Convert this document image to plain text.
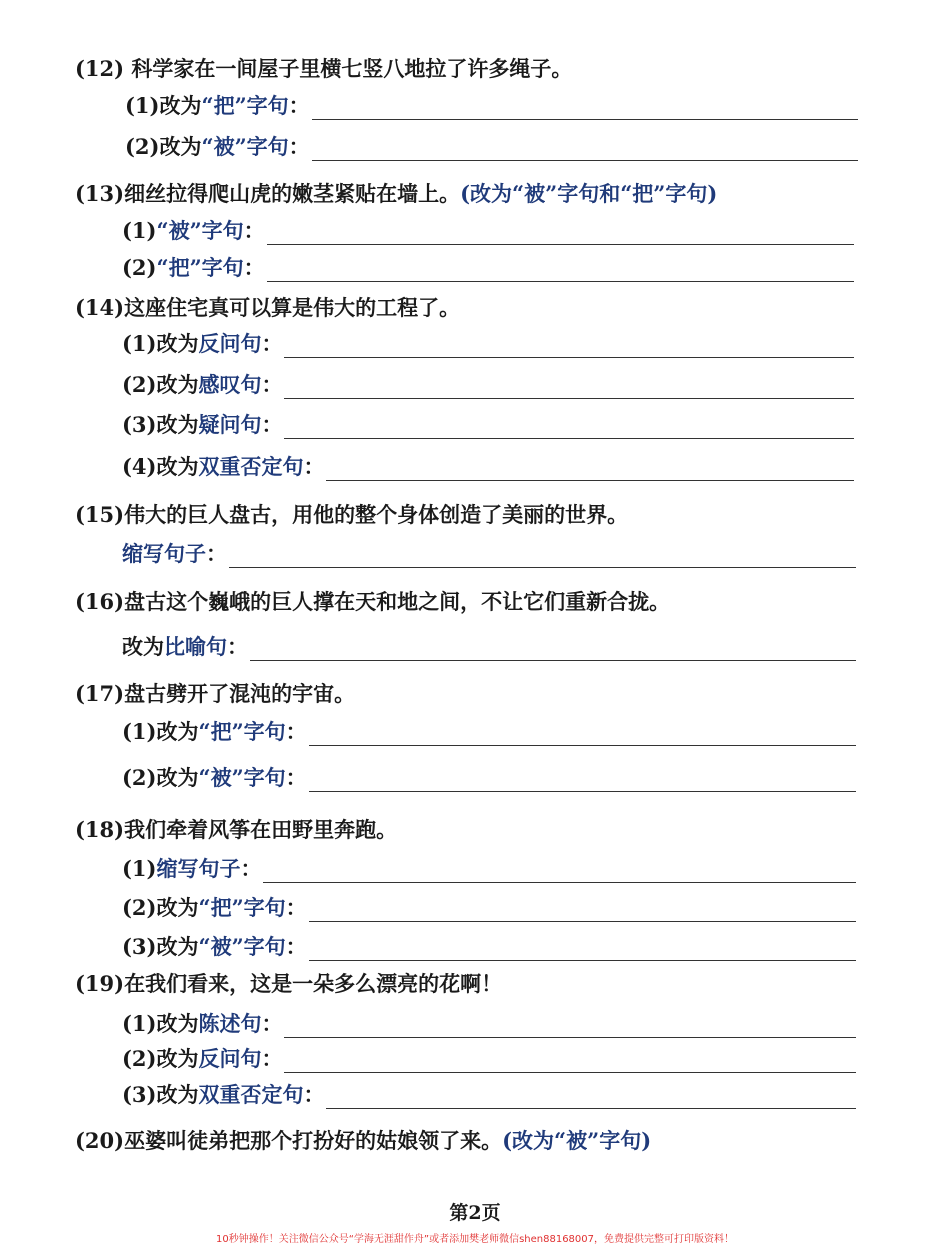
(12) 科学家在一间屋子里横七竖八地拉了许多绳子。
(1) 改为 “把”字句 ：
(2) 改为 “被”字句 ：
(13)细丝拉得爬山虎的嫩茎紧贴在墙上。(改为“被”字句和“把”字句)
(1) “被”字句 ：
(2) “把”字句 ：
(14)这座住宅真可以算是伟大的工程了。
(1) 改为 反问句 ：
(2) 改为 感叹句 ：
(3) 改为 疑问句 ：
(4) 改为 双重否定句 ：
(15)伟大的巨人盘古，用他的整个身体创造了美丽的世界。
缩写句子 ：
(16)盘古这个巍峨的巨人撑在天和地之间，不让它们重新合拢。
改为 比喻句 ：
(17)盘古劈开了混沌的宇宙。
(1) 改为 “把”字句 ：
(2) 改为 “被”字句 ：
(18)我们牵着风筝在田野里奔跑。
(1) 缩写句子 ：
(2) 改为 “把”字句 ：
(3) 改为 “被”字句 ：
(19)在我们看来，这是一朵多么漂亮的花啊！
(1) 改为 陈述句 ：
(2) 改为 反问句 ：
(3) 改为 双重否定句 ：
(20)巫婆叫徒弟把那个打扮好的姑娘领了来。(改为“被”字句)
第2页
10秒钟操作！关注微信公众号“学海无涯甜作舟”或者添加樊老师微信shen88168007，免费提供完整可打印版资料！
